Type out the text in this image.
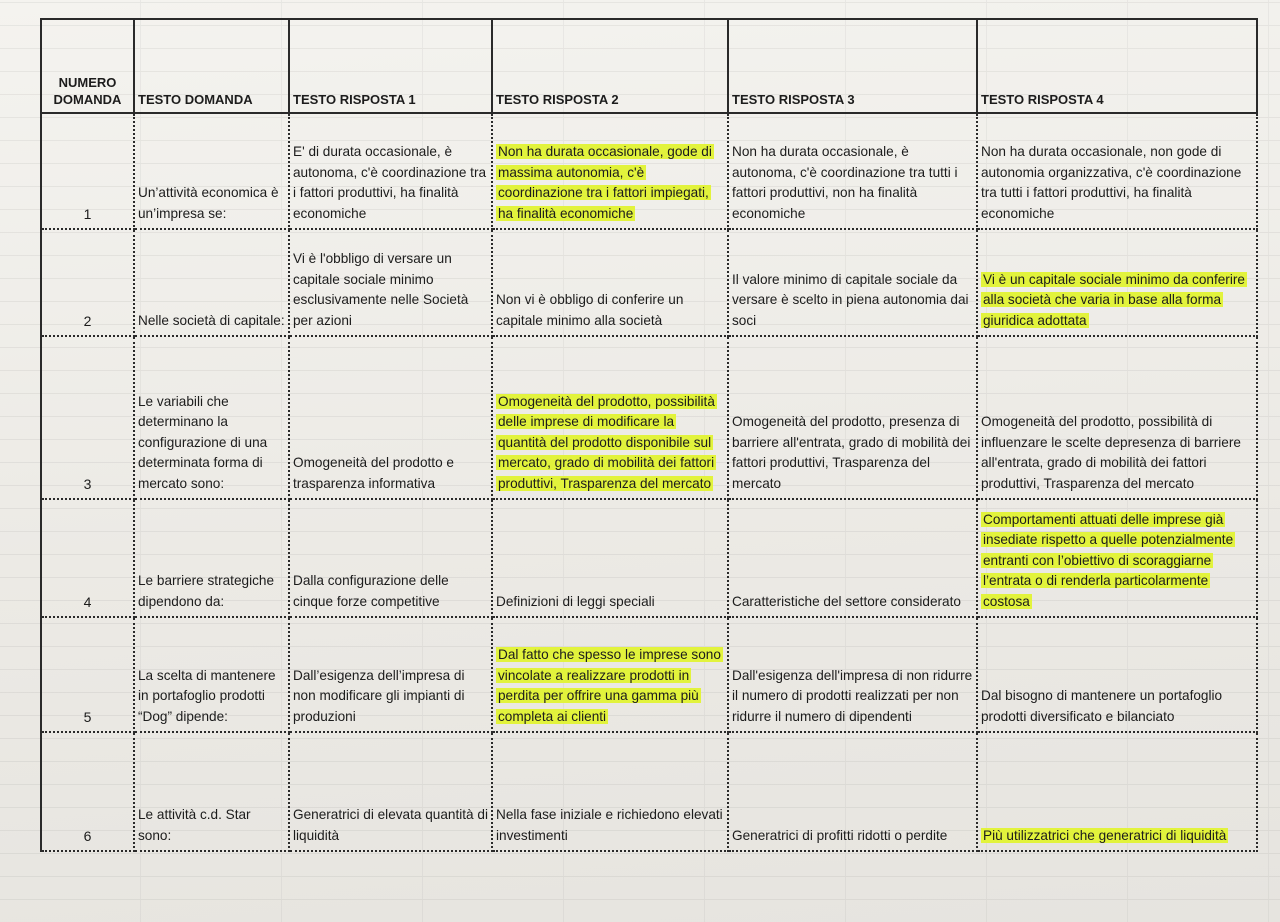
NUMERO DOMANDA	TESTO DOMANDA	TESTO RISPOSTA 1	TESTO RISPOSTA 2	TESTO RISPOSTA 3	TESTO RISPOSTA 4
1	Un’attività economica è un’impresa se:	E' di durata occasionale, è autonoma, c'è coordinazione tra i fattori produttivi, ha finalità economiche	Non ha durata occasionale, gode di massima autonomia, c'è coordinazione tra i fattori impiegati, ha finalità economiche	Non ha durata occasionale, è autonoma, c'è coordinazione tra tutti i fattori produttivi, non ha finalità economiche	Non ha durata occasionale, non gode di autonomia organizzativa, c'è coordinazione tra tutti i fattori produttivi, ha finalità economiche
2	Nelle società di capitale:	Vi è l'obbligo di versare un capitale sociale minimo esclusivamente nelle Società per azioni	Non vi è obbligo di conferire un capitale minimo alla società	Il valore minimo di capitale sociale da versare è scelto in piena autonomia dai soci	Vi è un capitale sociale minimo da conferire alla società che varia in base alla forma giuridica adottata
3	Le variabili che determinano la configurazione di una determinata forma di mercato sono:	Omogeneità del prodotto e trasparenza informativa	Omogeneità del prodotto, possibilità delle imprese di modificare la quantità del prodotto disponibile sul mercato, grado di mobilità dei fattori produttivi, Trasparenza del mercato	Omogeneità del prodotto, presenza di barriere all'entrata, grado di mobilità dei fattori produttivi, Trasparenza del mercato	Omogeneità del prodotto, possibilità di influenzare le scelte depresenza di barriere all'entrata, grado di mobilità dei fattori produttivi, Trasparenza del mercato
4	Le barriere strategiche dipendono da:	Dalla configurazione delle cinque forze competitive	Definizioni di leggi speciali	Caratteristiche del settore considerato	Comportamenti attuati delle imprese già insediate rispetto a quelle potenzialmente entranti con l’obiettivo di scoraggiarne l’entrata o di renderla particolarmente costosa
5	La scelta di mantenere in portafoglio prodotti “Dog” dipende:	Dall’esigenza dell’impresa di non modificare gli impianti di produzioni	Dal fatto che spesso le imprese sono vincolate a realizzare prodotti in perdita per offrire una gamma più completa ai clienti	Dall'esigenza dell'impresa di non ridurre il numero di prodotti realizzati per non ridurre il numero di dipendenti	Dal bisogno di mantenere un portafoglio prodotti diversificato e bilanciato
6	Le attività c.d. Star sono:	Generatrici di elevata quantità di liquidità	Nella fase iniziale e richiedono elevati investimenti	Generatrici di profitti ridotti o perdite	Più utilizzatrici che generatrici di liquidità
